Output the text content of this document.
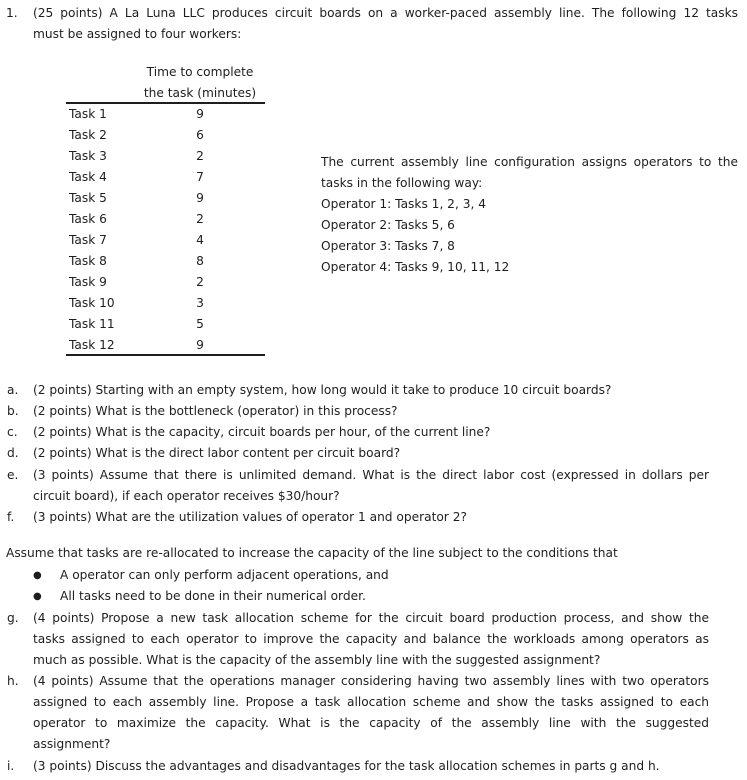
1. (25 points) A La Luna LLC produces circuit boards on a worker-paced assembly line. The following 12 tasks
must be assigned to four workers:
Time to complete
the task (minutes)
Task 1	9
Task 2	6
Task 3	2
Task 4	7
Task 5	9
Task 6	2
Task 7	4
Task 8	8
Task 9	2
Task 10	3
Task 11	5
Task 12	9
The current assembly line configuration assigns operators to the
tasks in the following way:
Operator 1: Tasks 1, 2, 3, 4
Operator 2: Tasks 5, 6
Operator 3: Tasks 7, 8
Operator 4: Tasks 9, 10, 11, 12
a. (2 points) Starting with an empty system, how long would it take to produce 10 circuit boards?
b. (2 points) What is the bottleneck (operator) in this process?
c. (2 points) What is the capacity, circuit boards per hour, of the current line?
d. (2 points) What is the direct labor content per circuit board?
e. (3 points) Assume that there is unlimited demand. What is the direct labor cost (expressed in dollars per
circuit board), if each operator receives $30/hour?
f. (3 points) What are the utilization values of operator 1 and operator 2?
Assume that tasks are re-allocated to increase the capacity of the line subject to the conditions that
● A operator can only perform adjacent operations, and
● All tasks need to be done in their numerical order.
g. (4 points) Propose a new task allocation scheme for the circuit board production process, and show the
tasks assigned to each operator to improve the capacity and balance the workloads among operators as
much as possible. What is the capacity of the assembly line with the suggested assignment?
h. (4 points) Assume that the operations manager considering having two assembly lines with two operators
assigned to each assembly line. Propose a task allocation scheme and show the tasks assigned to each
operator to maximize the capacity. What is the capacity of the assembly line with the suggested
assignment?
i. (3 points) Discuss the advantages and disadvantages for the task allocation schemes in parts g and h.
